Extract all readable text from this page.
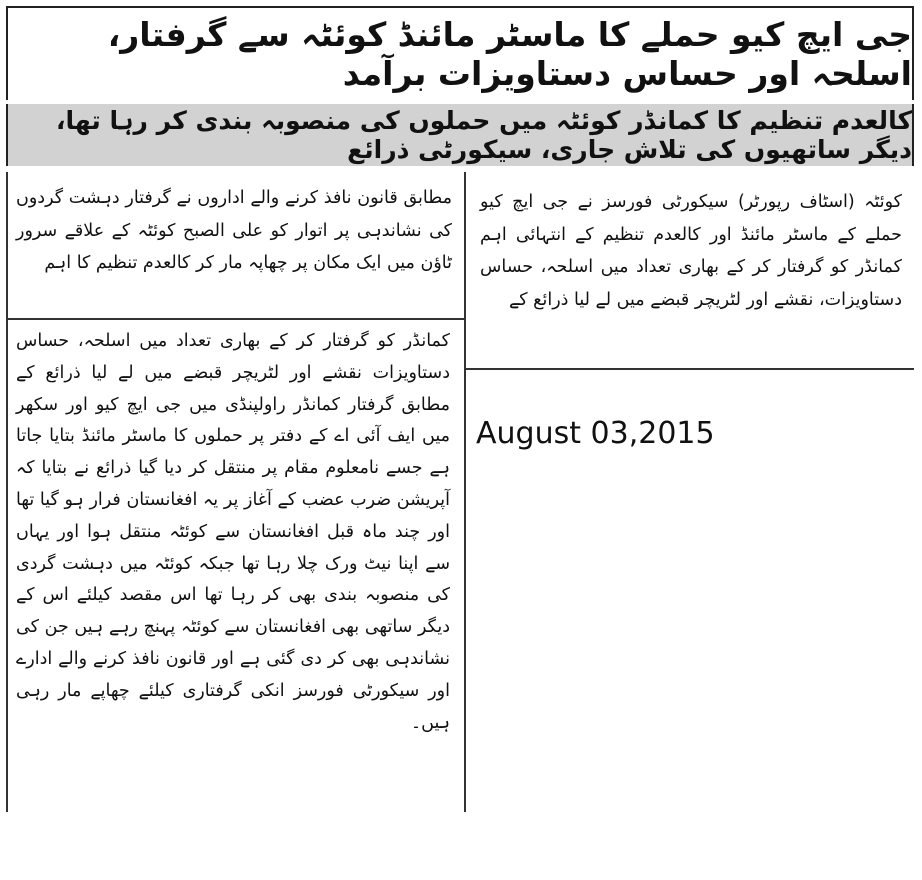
جی ایچ کیو حملے کا ماسٹر مائنڈ کوئٹہ سے گرفتار، اسلحہ اور حساس دستاویزات برآمد
کالعدم تنظیم کا کمانڈر کوئٹہ میں حملوں کی منصوبہ بندی کر رہا تھا، دیگر ساتھیوں کی تلاش جاری، سیکورٹی ذرائع

کوئٹہ (اسٹاف رپورٹر) سیکورٹی فورسز نے جی ایچ کیو حملے کے ماسٹر مائنڈ اور کالعدم تنظیم کے انتہائی اہم کمانڈر کو گرفتار کر کے بھاری تعداد میں اسلحہ، حساس دستاویزات، نقشے اور لٹریچر قبضے میں لے لیا ذرائع کے

مطابق قانون نافذ کرنے والے اداروں نے گرفتار دہشت گردوں کی نشاندہی پر اتوار کو علی الصبح کوئٹہ کے علاقے سرور ٹاؤن میں ایک مکان پر چھاپہ مار کر کالعدم تنظیم کا اہم

کمانڈر کو گرفتار کر کے بھاری تعداد میں اسلحہ، حساس دستاویزات نقشے اور لٹریچر قبضے میں لے لیا ذرائع کے مطابق گرفتار کمانڈر راولپنڈی میں جی ایچ کیو اور سکھر میں ایف آئی اے کے دفتر پر حملوں کا ماسٹر مائنڈ بتایا جاتا ہے جسے نامعلوم مقام پر منتقل کر دیا گیا ذرائع نے بتایا کہ آپریشن ضرب عضب کے آغاز پر یہ افغانستان فرار ہو گیا تھا اور چند ماہ قبل افغانستان سے کوئٹہ منتقل ہوا اور یہاں سے اپنا نیٹ ورک چلا رہا تھا جبکہ کوئٹہ میں دہشت گردی کی منصوبہ بندی بھی کر رہا تھا اس مقصد کیلئے اس کے دیگر ساتھی بھی افغانستان سے کوئٹہ پہنچ رہے ہیں جن کی نشاندہی بھی کر دی گئی ہے اور قانون نافذ کرنے والے ادارے اور سیکورٹی فورسز انکی گرفتاری کیلئے چھاپے مار رہی ہیں۔

August 03,2015
